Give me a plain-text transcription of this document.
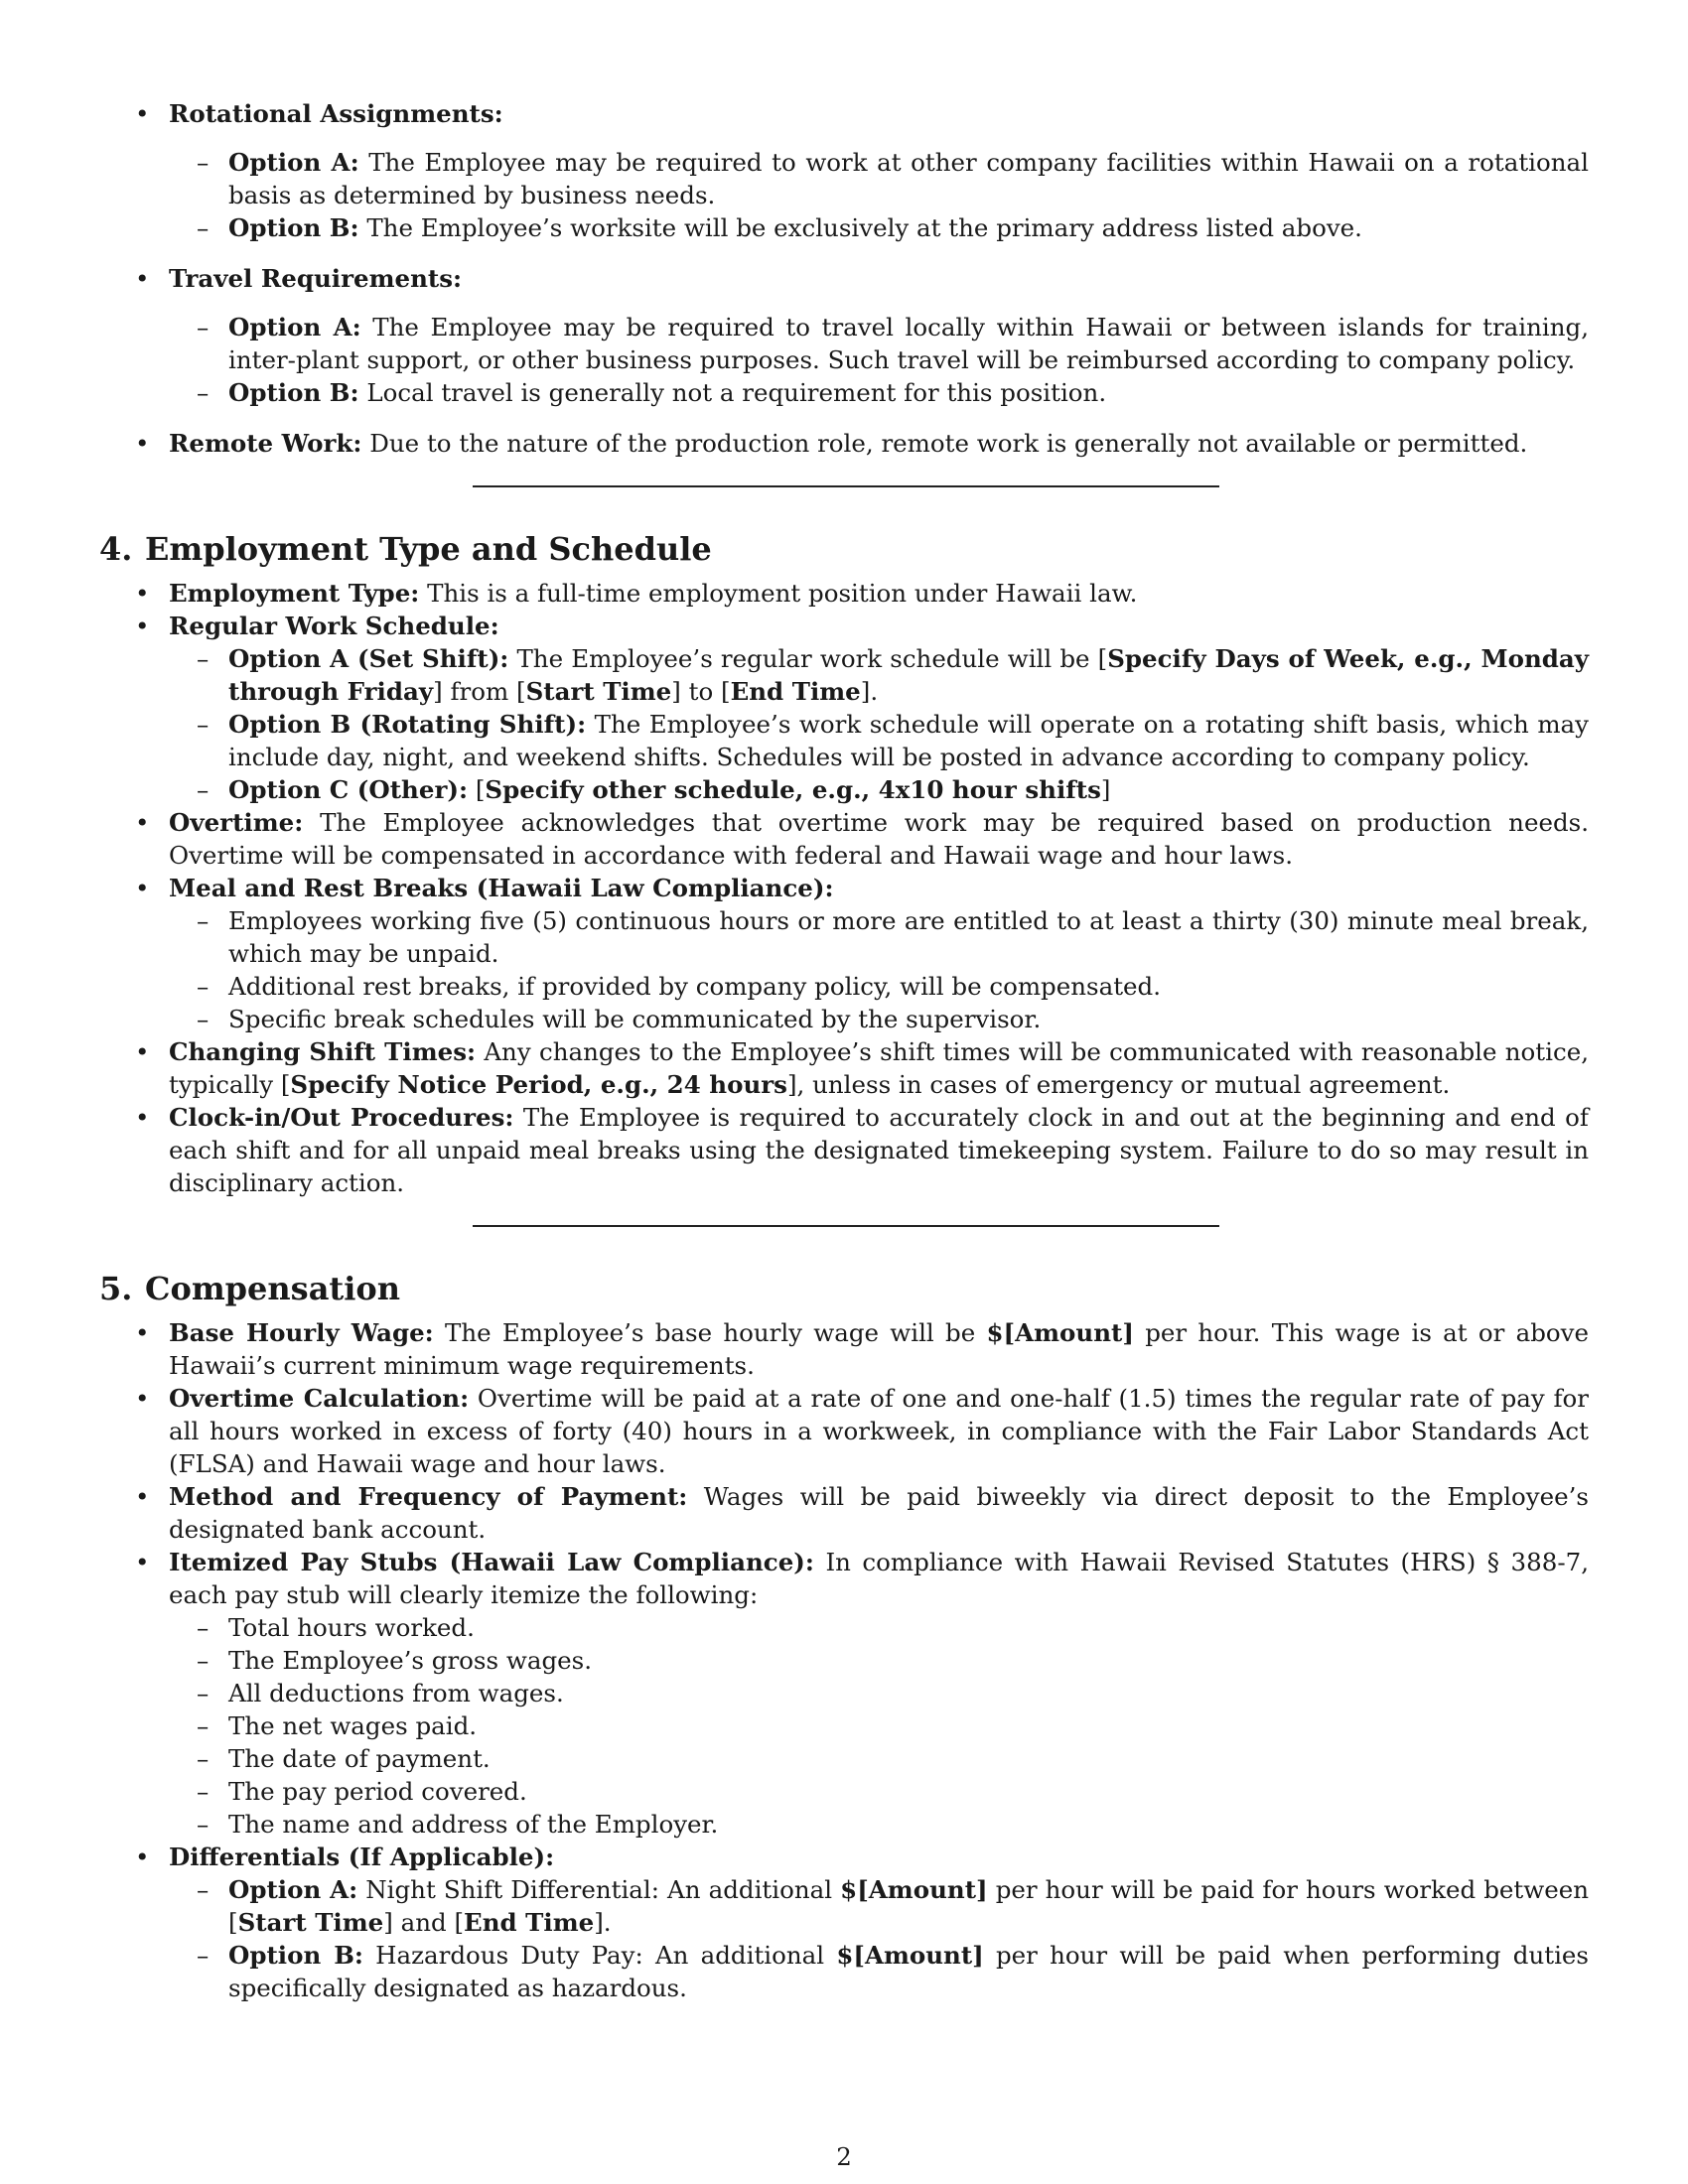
• Rotational Assignments:
– Option A: The Employee may be required to work at other company facilities within Hawaii on a rotational basis as determined by business needs.
– Option B: The Employee’s worksite will be exclusively at the primary address listed above.
• Travel Requirements:
– Option A: The Employee may be required to travel locally within Hawaii or between islands for training, inter-plant support, or other business purposes. Such travel will be reimbursed according to company policy.
– Option B: Local travel is generally not a requirement for this position.
• Remote Work: Due to the nature of the production role, remote work is generally not available or permitted.
4. Employment Type and Schedule
• Employment Type: This is a full-time employment position under Hawaii law.
• Regular Work Schedule:
– Option A (Set Shift): The Employee’s regular work schedule will be [Specify Days of Week, e.g., Monday through Friday] from [Start Time] to [End Time].
– Option B (Rotating Shift): The Employee’s work schedule will operate on a rotating shift basis, which may include day, night, and weekend shifts. Schedules will be posted in advance according to company policy.
– Option C (Other): [Specify other schedule, e.g., 4x10 hour shifts]
• Overtime: The Employee acknowledges that overtime work may be required based on production needs. Overtime will be compensated in accordance with federal and Hawaii wage and hour laws.
• Meal and Rest Breaks (Hawaii Law Compliance):
– Employees working five (5) continuous hours or more are entitled to at least a thirty (30) minute meal break, which may be unpaid.
– Additional rest breaks, if provided by company policy, will be compensated.
– Specific break schedules will be communicated by the supervisor.
• Changing Shift Times: Any changes to the Employee’s shift times will be communicated with reasonable notice, typically [Specify Notice Period, e.g., 24 hours], unless in cases of emergency or mutual agreement.
• Clock-in/Out Procedures: The Employee is required to accurately clock in and out at the beginning and end of each shift and for all unpaid meal breaks using the designated timekeeping system. Failure to do so may result in disciplinary action.
5. Compensation
• Base Hourly Wage: The Employee’s base hourly wage will be $[Amount] per hour. This wage is at or above Hawaii’s current minimum wage requirements.
• Overtime Calculation: Overtime will be paid at a rate of one and one-half (1.5) times the regular rate of pay for all hours worked in excess of forty (40) hours in a workweek, in compliance with the Fair Labor Standards Act (FLSA) and Hawaii wage and hour laws.
• Method and Frequency of Payment: Wages will be paid biweekly via direct deposit to the Employee’s designated bank account.
• Itemized Pay Stubs (Hawaii Law Compliance): In compliance with Hawaii Revised Statutes (HRS) § 388-7, each pay stub will clearly itemize the following:
– Total hours worked.
– The Employee’s gross wages.
– All deductions from wages.
– The net wages paid.
– The date of payment.
– The pay period covered.
– The name and address of the Employer.
• Differentials (If Applicable):
– Option A: Night Shift Differential: An additional $[Amount] per hour will be paid for hours worked between [Start Time] and [End Time].
– Option B: Hazardous Duty Pay: An additional $[Amount] per hour will be paid when performing duties specifically designated as hazardous.
2
